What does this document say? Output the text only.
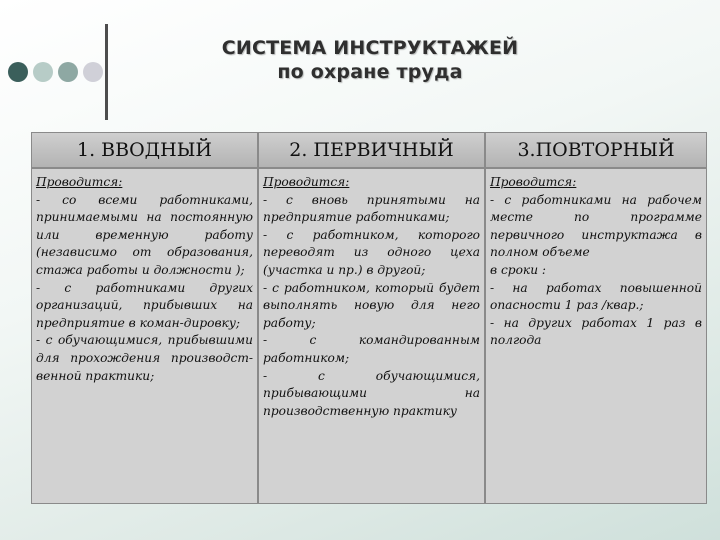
СИСТЕМА ИНСТРУКТАЖЕЙ
по охране труда
1. ВВОДНЫЙ	2. ПЕРВИЧНЫЙ	3.ПОВТОРНЫЙ
Проводится:
- со всеми работниками, принимаемыми на постоянную или временную работу (независимо от образования, стажа работы и должности );
- с работниками других организаций, прибывших на предприятие в коман-дировку;
- с обучающимися, прибывшими для прохождения производст-венной практики;
Проводится:
- с вновь принятыми на предприятие работниками;
- с работником, которого переводят из одного цеха (участка и пр.) в другой;
- с работником, который будет выполнять новую для него работу;
- с командированным работником;
- с обучающимися, прибывающими на производственную практику
Проводится:
- с работниками на рабочем месте по программе первичного инструктажа в полном объеме
в сроки :
- на работах повышенной опасности 1 раз /квар.;
- на других работах 1 раз в полгода
